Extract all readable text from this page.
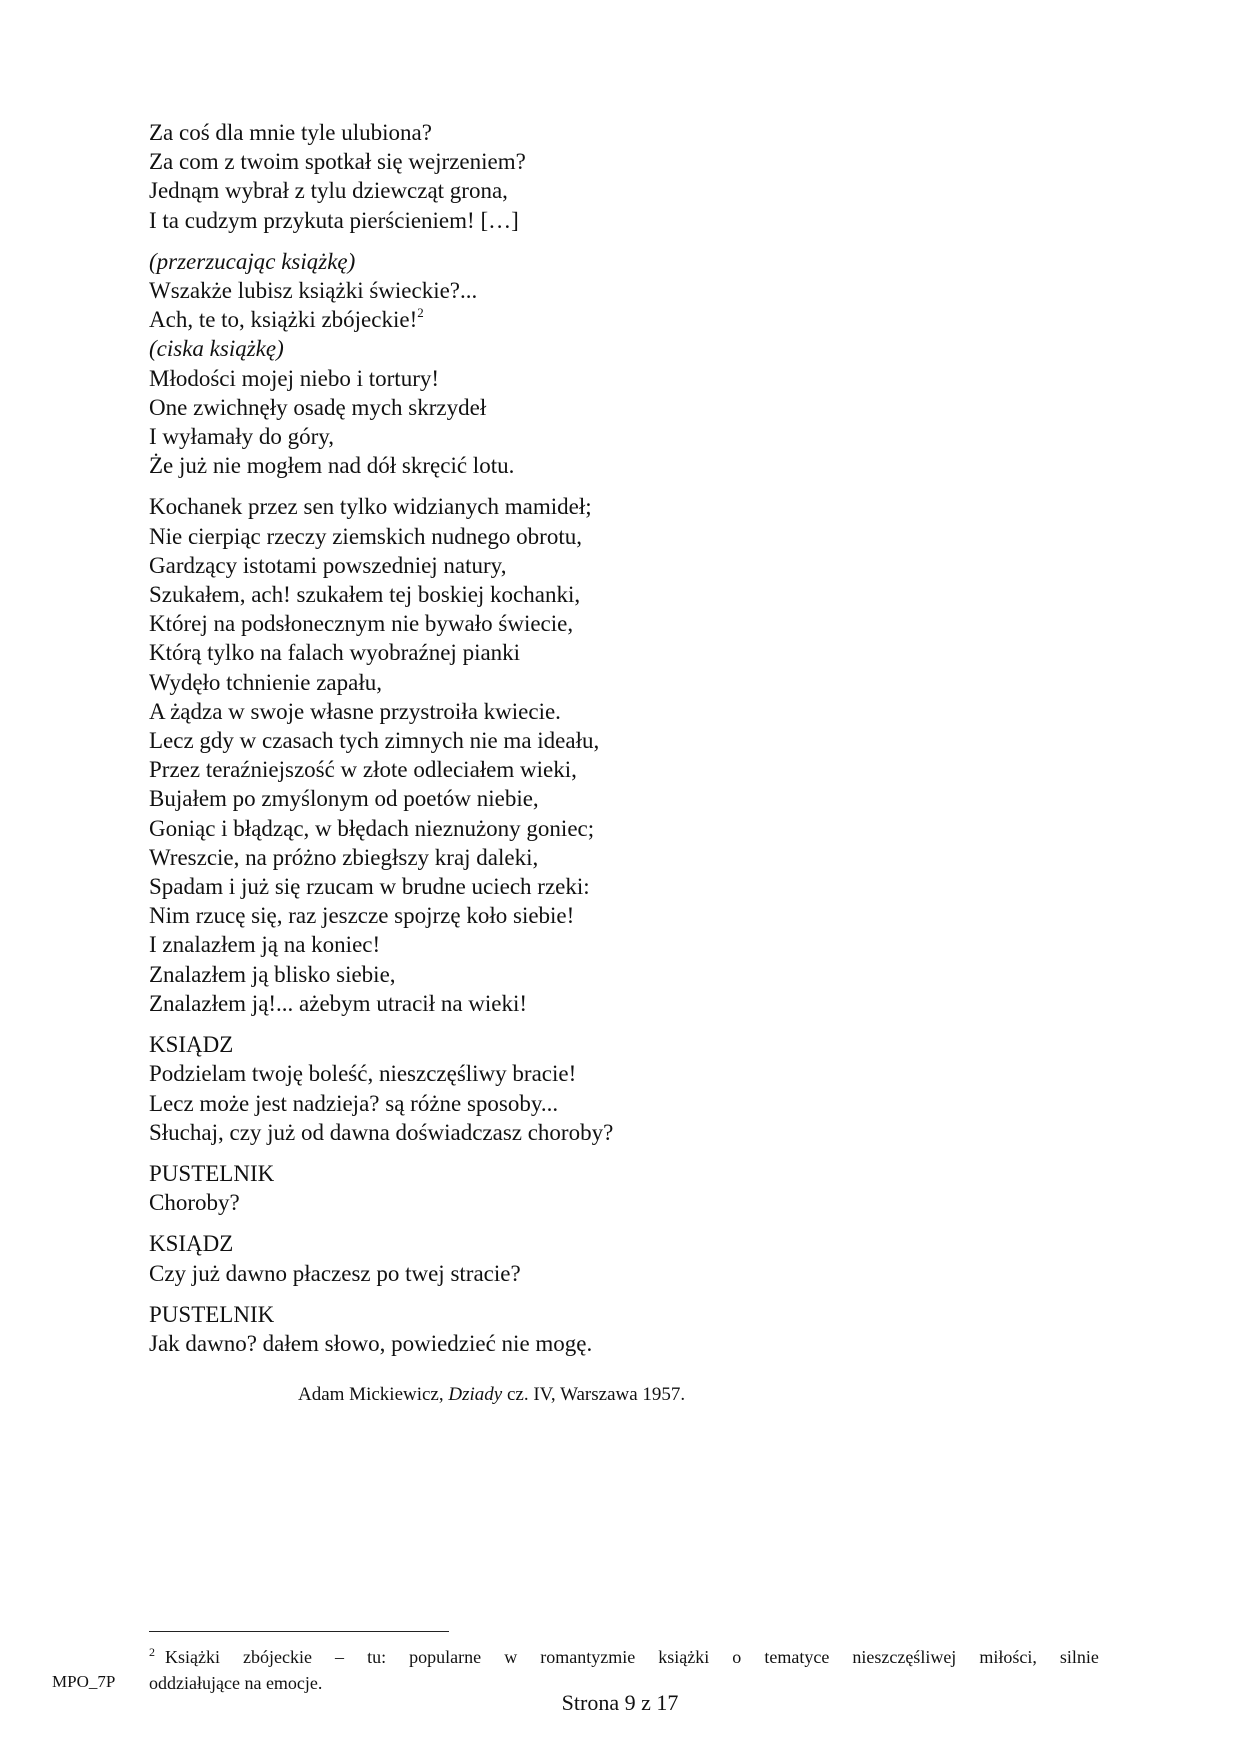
Za coś dla mnie tyle ulubiona?
Za com z twoim spotkał się wejrzeniem?
Jednąm wybrał z tylu dziewcząt grona,
I ta cudzym przykuta pierścieniem! […]
(przerzucając książkę)
Wszakże lubisz książki świeckie?...
Ach, te to, książki zbójeckie!$^2$
(ciska książkę)
Młodości mojej niebo i tortury!
One zwichnęły osadę mych skrzydeł
I wyłamały do góry,
Że już nie mogłem nad dół skręcić lotu.
Kochanek przez sen tylko widzianych mamideł;
Nie cierpiąc rzeczy ziemskich nudnego obrotu,
Gardzący istotami powszedniej natury,
Szukałem, ach! szukałem tej boskiej kochanki,
Której na podsłonecznym nie bywało świecie,
Którą tylko na falach wyobraźnej pianki
Wydęło tchnienie zapału,
A żądza w swoje własne przystroiła kwiecie.
Lecz gdy w czasach tych zimnych nie ma ideału,
Przez teraźniejszość w złote odleciałem wieki,
Bujałem po zmyślonym od poetów niebie,
Goniąc i błądząc, w błędach nieznużony goniec;
Wreszcie, na próżno zbiegłszy kraj daleki,
Spadam i już się rzucam w brudne uciech rzeki:
Nim rzucę się, raz jeszcze spojrzę koło siebie!
I znalazłem ją na koniec!
Znalazłem ją blisko siebie,
Znalazłem ją!... ażebym utracił na wieki!
KSIĄDZ
Podzielam twoję boleść, nieszczęśliwy bracie!
Lecz może jest nadzieja? są różne sposoby...
Słuchaj, czy już od dawna doświadczasz choroby?
PUSTELNIK
Choroby?
KSIĄDZ
Czy już dawno płaczesz po twej stracie?
PUSTELNIK
Jak dawno? dałem słowo, powiedzieć nie mogę.
Adam Mickiewicz, Dziady cz. IV, Warszawa 1957.
$^2$ Książki zbójeckie – tu: popularne w romantyzmie książki o tematyce nieszczęśliwej miłości, silnie
oddziałujące na emocje.
MPO_7P
Strona 9 z 17
